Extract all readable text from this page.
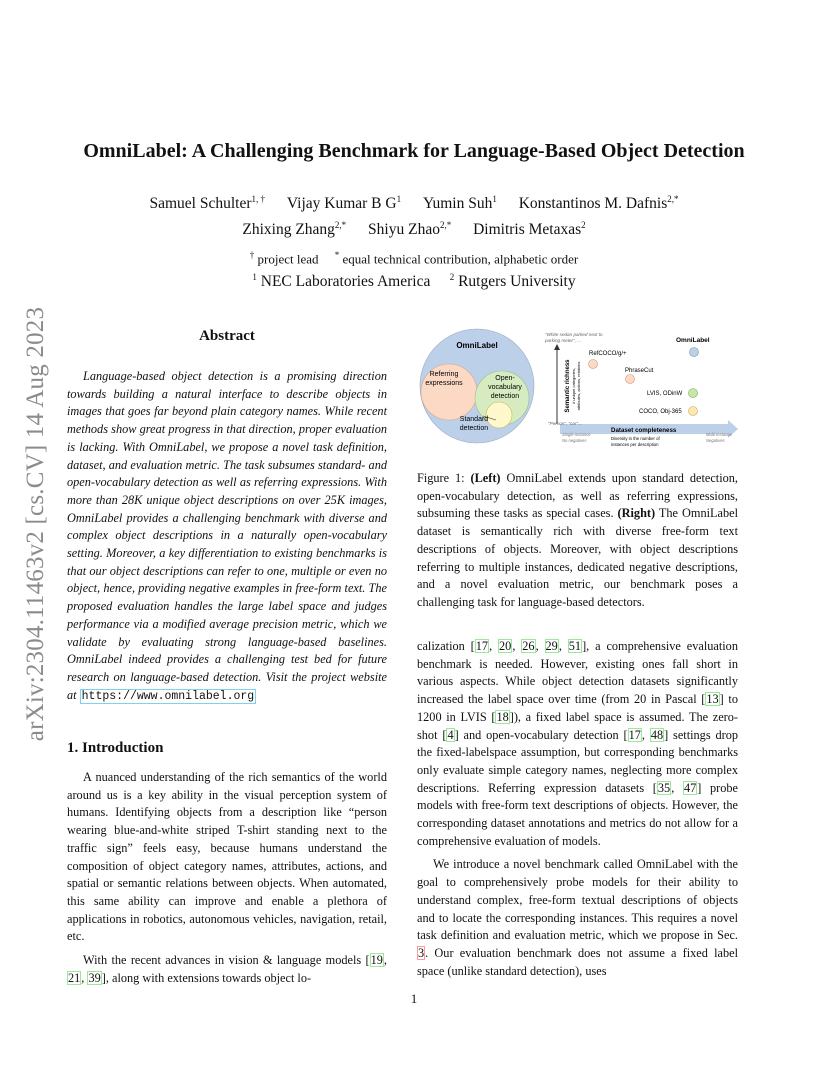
arXiv:2304.11463v2 [cs.CV] 14 Aug 2023
OmniLabel: A Challenging Benchmark for Language-Based Object Detection
Samuel Schulter$^{1, \dagger}$ Vijay Kumar B $G^1$ Yumin Suh$^1$ Konstantinos M. Dafnis$^{2,*}$
Zhixing Zhang$^{2,*}$ Shiyu Zhao$^{2,*}$ Dimitris Metaxas$^2$
† project lead * equal technical contribution, alphabetic order
$^1$ NEC Laboratories America $^2$ Rutgers University
Abstract

Language-based object detection is a promising direction towards building a natural interface to describe objects in images that goes far beyond plain category names. While recent methods show great progress in that direction, proper evaluation is lacking. With OmniLabel, we propose a novel task definition, dataset, and evaluation metric. The task subsumes standard- and open-vocabulary detection as well as referring expressions. With more than 28K unique object descriptions on over 25K images, OmniLabel provides a challenging benchmark with diverse and complex object descriptions in a naturally open-vocabulary setting. Moreover, a key differentiation to existing benchmarks is that our object descriptions can refer to one, multiple or even no object, hence, providing negative examples in free-form text. The proposed evaluation handles the large label space and judges performance via a modified average precision metric, which we validate by evaluating strong language-based baselines. OmniLabel indeed provides a challenging test bed for future research on language-based detection. Visit the project website at https://www.omnilabel.org

1. Introduction

A nuanced understanding of the rich semantics of the world around us is a key ability in the visual perception system of humans. Identifying objects from a description like “person wearing blue-and-white striped T-shirt standing next to the traffic sign” feels easy, because humans understand the composition of object category names, attributes, actions, and spatial or semantic relations between objects. When automated, this same ability can improve and enable a plethora of applications in robotics, autonomous vehicles, navigation, retail, etc.

With the recent advances in vision & language models [19, 21, 39], along with extensions towards object lo-

OmniLabel
Referring
expressions
Open-
vocabulary
detection
Standard
detection
"White sedan parked next to
parking meter", ...
Semantic richness # unique categories, attributes, actions, relations
Dataset completeness
Diversity in the number of
instances per description
Single-instance
No negatives
Multi-instance
Negatives
"Person", "car"...
OmniLabel
RefCOCO/g/+
PhraseCut
LVIS, ODinW
COCO, Obj-365

Figure 1: (Left) OmniLabel extends upon standard detection, open-vocabulary detection, as well as referring expressions, subsuming these tasks as special cases. (Right) The OmniLabel dataset is semantically rich with diverse free-form text descriptions of objects. Moreover, with object descriptions referring to multiple instances, dedicated negative descriptions, and a novel evaluation metric, our benchmark poses a challenging task for language-based detectors.

calization [17, 20, 26, 29, 51], a comprehensive evaluation benchmark is needed. However, existing ones fall short in various aspects. While object detection datasets significantly increased the label space over time (from 20 in Pascal [13] to 1200 in LVIS [18]), a fixed label space is assumed. The zero-shot [4] and open-vocabulary detection [17, 48] settings drop the fixed-labelspace assumption, but corresponding benchmarks only evaluate simple category names, neglecting more complex descriptions. Referring expression datasets [35, 47] probe models with free-form text descriptions of objects. However, the corresponding dataset annotations and metrics do not allow for a comprehensive evaluation of models.

We introduce a novel benchmark called OmniLabel with the goal to comprehensively probe models for their ability to understand complex, free-form textual descriptions of objects and to locate the corresponding instances. This requires a novel task definition and evaluation metric, which we propose in Sec. 3. Our evaluation benchmark does not assume a fixed label space (unlike standard detection), uses

1
